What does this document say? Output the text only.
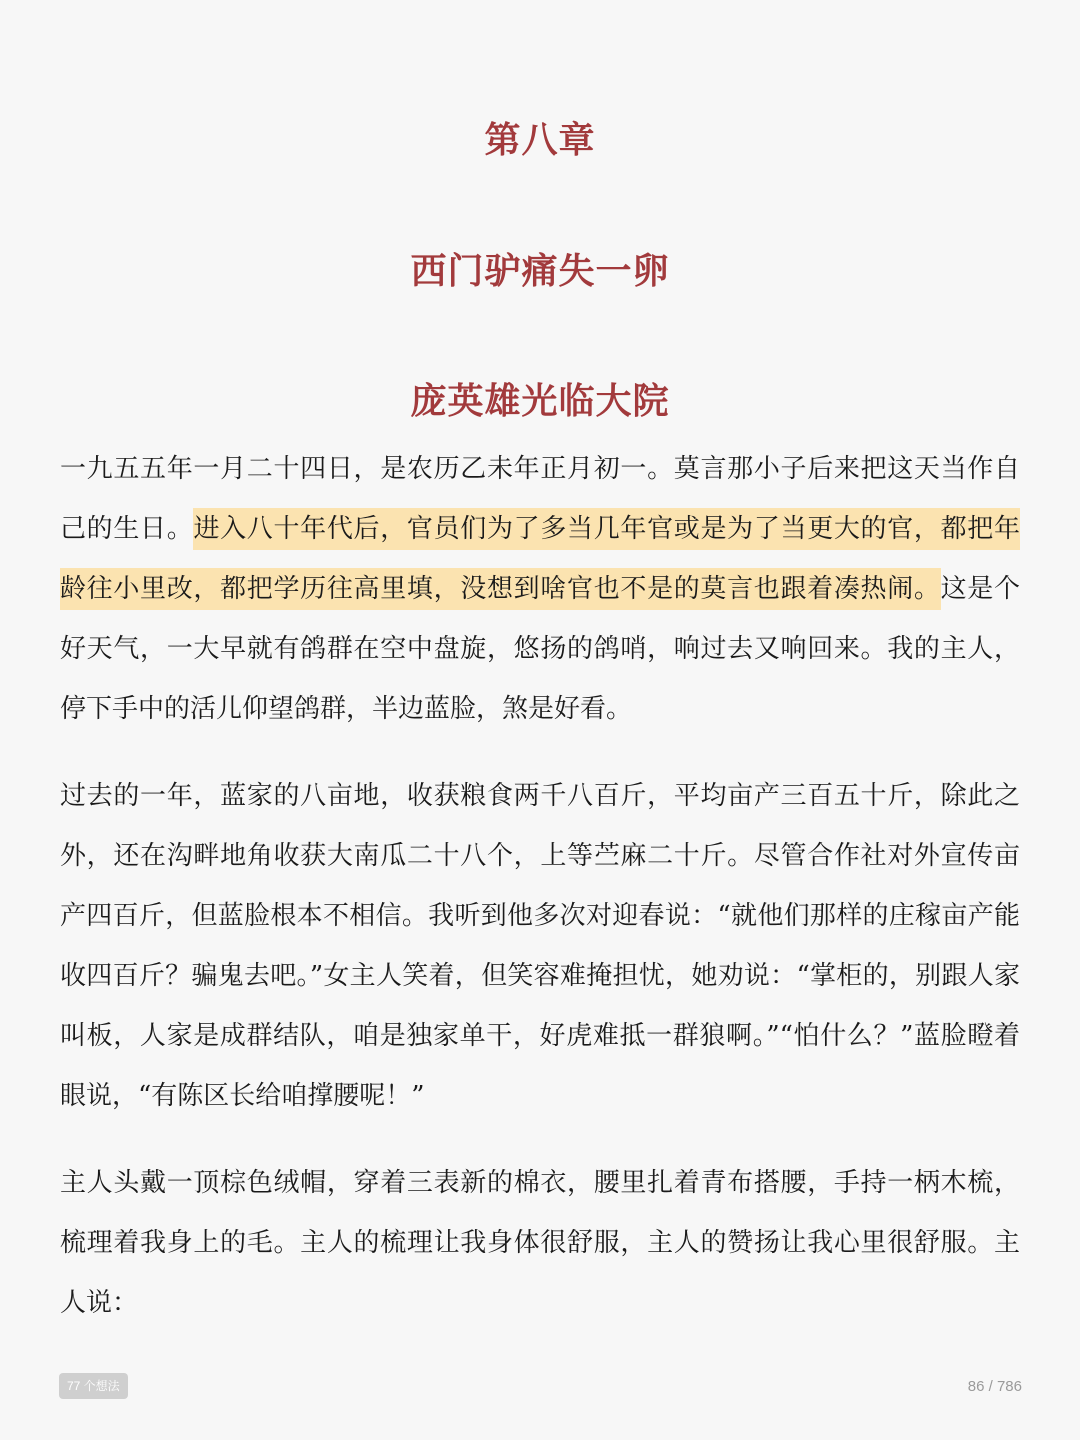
第八章
西门驴痛失一卵
庞英雄光临大院

一九五五年一月二十四日，是农历乙未年正月初一。莫言那小子后来把这天当作自己的生日。进入八十年代后，官员们为了多当几年官或是为了当更大的官，都把年龄往小里改，都把学历往高里填，没想到啥官也不是的莫言也跟着凑热闹。这是个好天气，一大早就有鸽群在空中盘旋，悠扬的鸽哨，响过去又响回来。我的主人，停下手中的活儿仰望鸽群，半边蓝脸，煞是好看。

过去的一年，蓝家的八亩地，收获粮食两千八百斤，平均亩产三百五十斤，除此之外，还在沟畔地角收获大南瓜二十八个，上等苎麻二十斤。尽管合作社对外宣传亩产四百斤，但蓝脸根本不相信。我听到他多次对迎春说：“就他们那样的庄稼亩产能收四百斤？骗鬼去吧。”女主人笑着，但笑容难掩担忧，她劝说：“掌柜的，别跟人家叫板，人家是成群结队，咱是独家单干，好虎难抵一群狼啊。”“怕什么？”蓝脸瞪着眼说，“有陈区长给咱撑腰呢！”

主人头戴一顶棕色绒帽，穿着三表新的棉衣，腰里扎着青布搭腰，手持一柄木梳，梳理着我身上的毛。主人的梳理让我身体很舒服，主人的赞扬让我心里很舒服。主人说：

77 个想法	86 / 786
